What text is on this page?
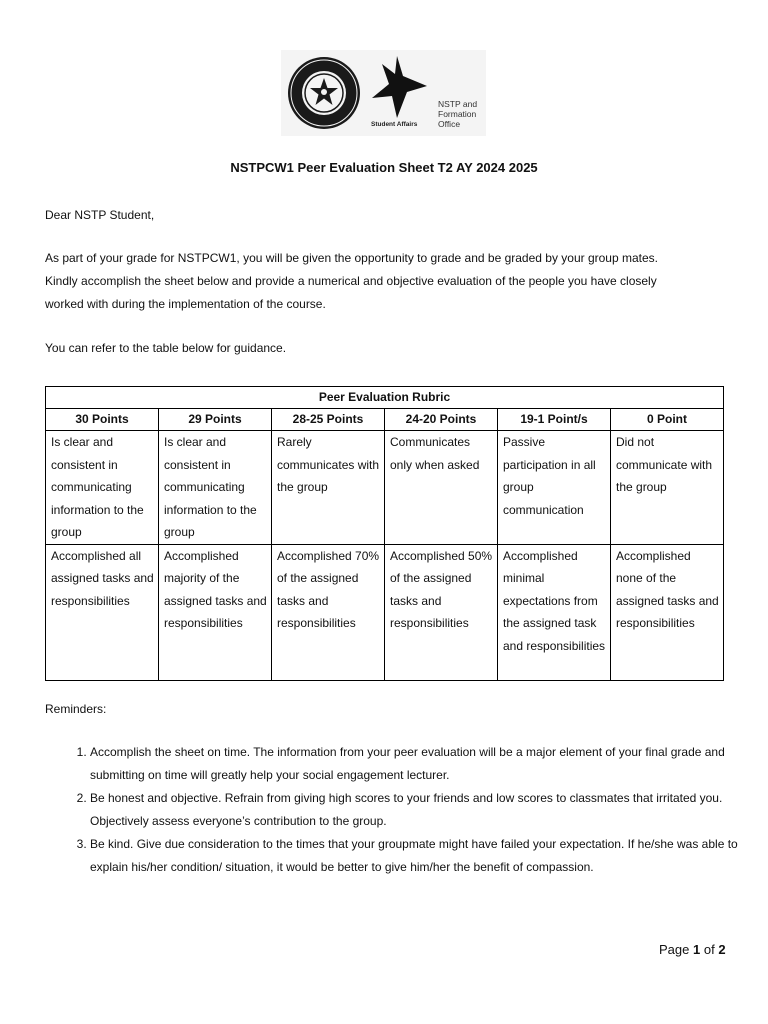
Student Affairs
NSTP and
Formation
Office
NSTPCW1 Peer Evaluation Sheet T2 AY 2024 2025

Dear NSTP Student,

As part of your grade for NSTPCW1, you will be given the opportunity to grade and be graded by your group mates.
Kindly accomplish the sheet below and provide a numerical and objective evaluation of the people you have closely
worked with during the implementation of the course.

You can refer to the table below for guidance.

Peer Evaluation Rubric					
30 Points	29 Points	28-25 Points	24-20 Points	19-1 Point/s	0 Point
Is clear and consistent in communicating information to the group	Is clear and consistent in communicating information to the group	Rarely communicates with the group	Communicates only when asked	Passive participation in all group communication	Did not communicate with the group
Accomplished all assigned tasks and responsibilities	Accomplished majority of the assigned tasks and responsibilities	Accomplished 70% of the assigned tasks and responsibilities	Accomplished 50% of the assigned tasks and responsibilities	Accomplished minimal expectations from the assigned task and responsibilities	Accomplished none of the assigned tasks and responsibilities

Reminders:

1. Accomplish the sheet on time. The information from your peer evaluation will be a major element of your final grade and submitting on time will greatly help your social engagement lecturer.
2. Be honest and objective. Refrain from giving high scores to your friends and low scores to classmates that irritated you. Objectively assess everyone’s contribution to the group.
3. Be kind. Give due consideration to the times that your groupmate might have failed your expectation. If he/she was able to explain his/her condition/ situation, it would be better to give him/her the benefit of compassion.
Page 1 of 2
